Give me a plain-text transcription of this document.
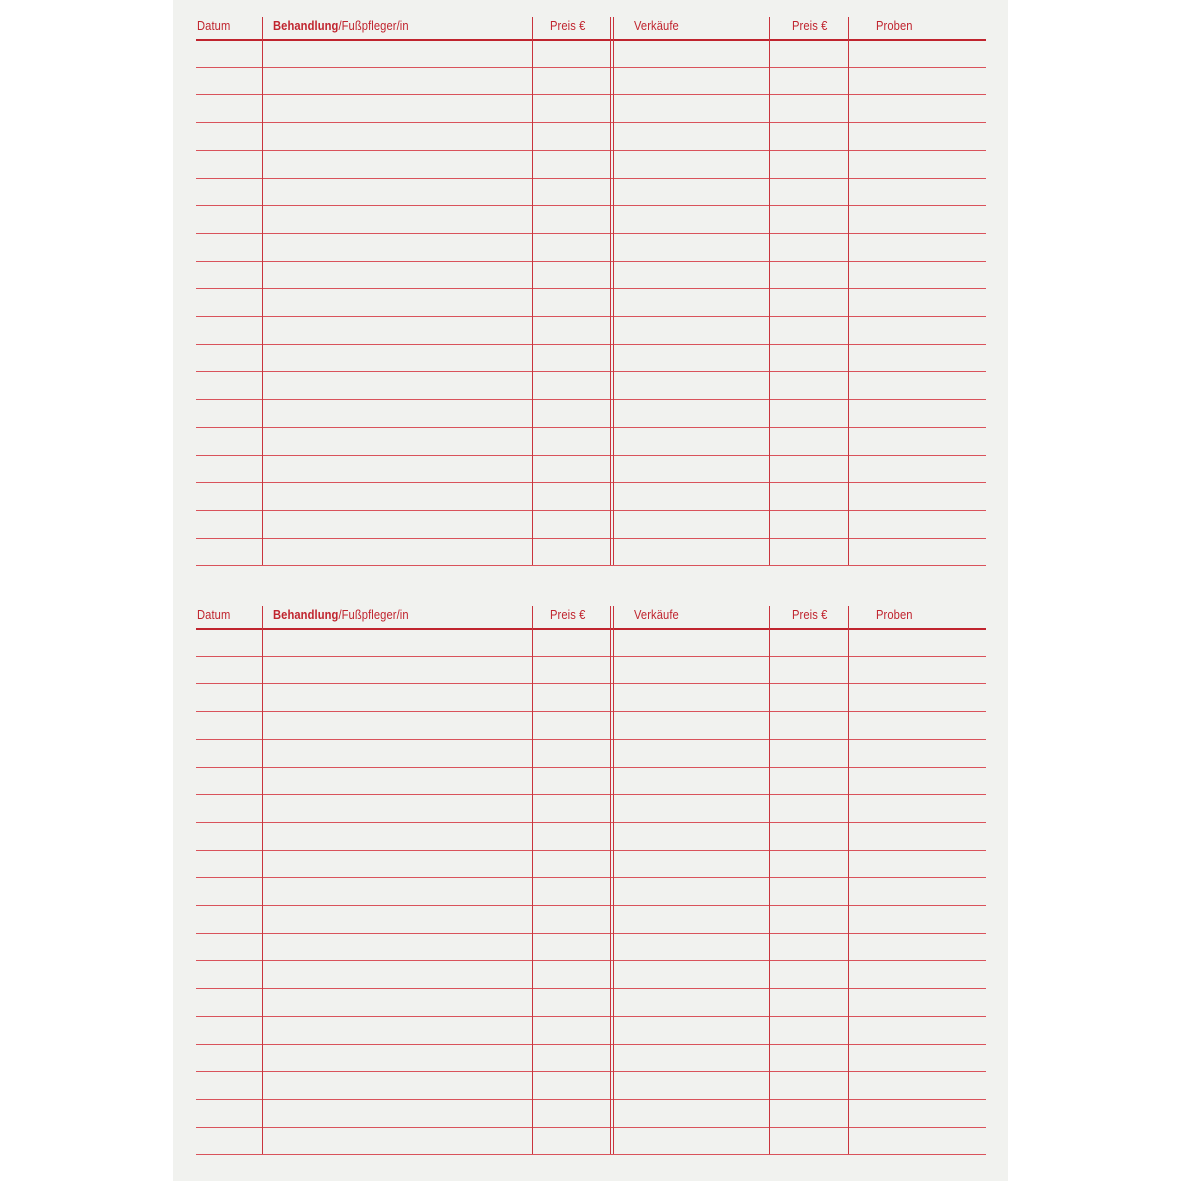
Datum	Behandlung/Fußpfleger/in	Preis €	Verkäufe	Preis €	Proben
Datum	Behandlung/Fußpfleger/in	Preis €	Verkäufe	Preis €	Proben
